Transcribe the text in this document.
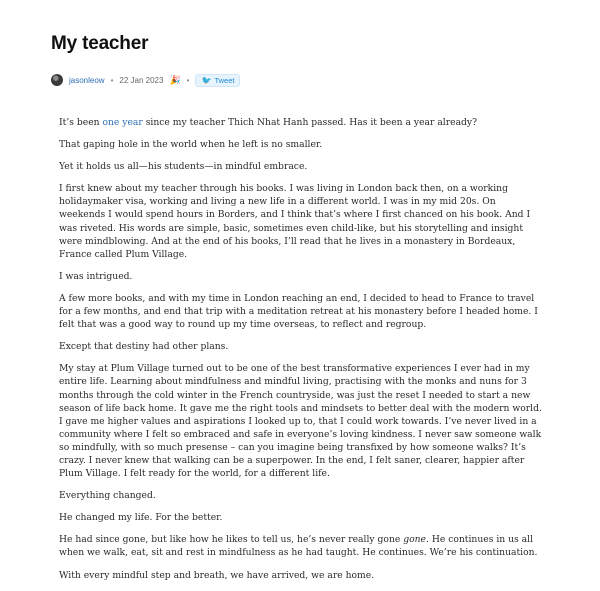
My teacher
jasonleow • 22 Jan 2023 🎉 • 🐦 Tweet

It’s been one year since my teacher Thich Nhat Hanh passed. Has it been a year already?

That gaping hole in the world when he left is no smaller.

Yet it holds us all—his students—in mindful embrace.

I first knew about my teacher through his books. I was living in London back then, on a working holidaymaker visa, working and living a new life in a different world. I was in my mid 20s. On weekends I would spend hours in Borders, and I think that’s where I first chanced on his book. And I was riveted. His words are simple, basic, sometimes even child-like, but his storytelling and insight were mindblowing. And at the end of his books, I’ll read that he lives in a monastery in Bordeaux, France called Plum Village.

I was intrigued.

A few more books, and with my time in London reaching an end, I decided to head to France to travel for a few months, and end that trip with a meditation retreat at his monastery before I headed home. I felt that was a good way to round up my time overseas, to reflect and regroup.

Except that destiny had other plans.

My stay at Plum Village turned out to be one of the best transformative experiences I ever had in my entire life. Learning about mindfulness and mindful living, practising with the monks and nuns for 3 months through the cold winter in the French countryside, was just the reset I needed to start a new season of life back home. It gave me the right tools and mindsets to better deal with the modern world. I gave me higher values and aspirations I looked up to, that I could work towards. I’ve never lived in a community where I felt so embraced and safe in everyone’s loving kindness. I never saw someone walk so mindfully, with so much presense – can you imagine being transfixed by how someone walks? It’s crazy. I never knew that walking can be a superpower. In the end, I felt saner, clearer, happier after Plum Village. I felt ready for the world, for a different life.

Everything changed.

He changed my life. For the better.

He had since gone, but like how he likes to tell us, he’s never really gone gone. He continues in us all when we walk, eat, sit and rest in mindfulness as he had taught. He continues. We’re his continuation.

With every mindful step and breath, we have arrived, we are home.
